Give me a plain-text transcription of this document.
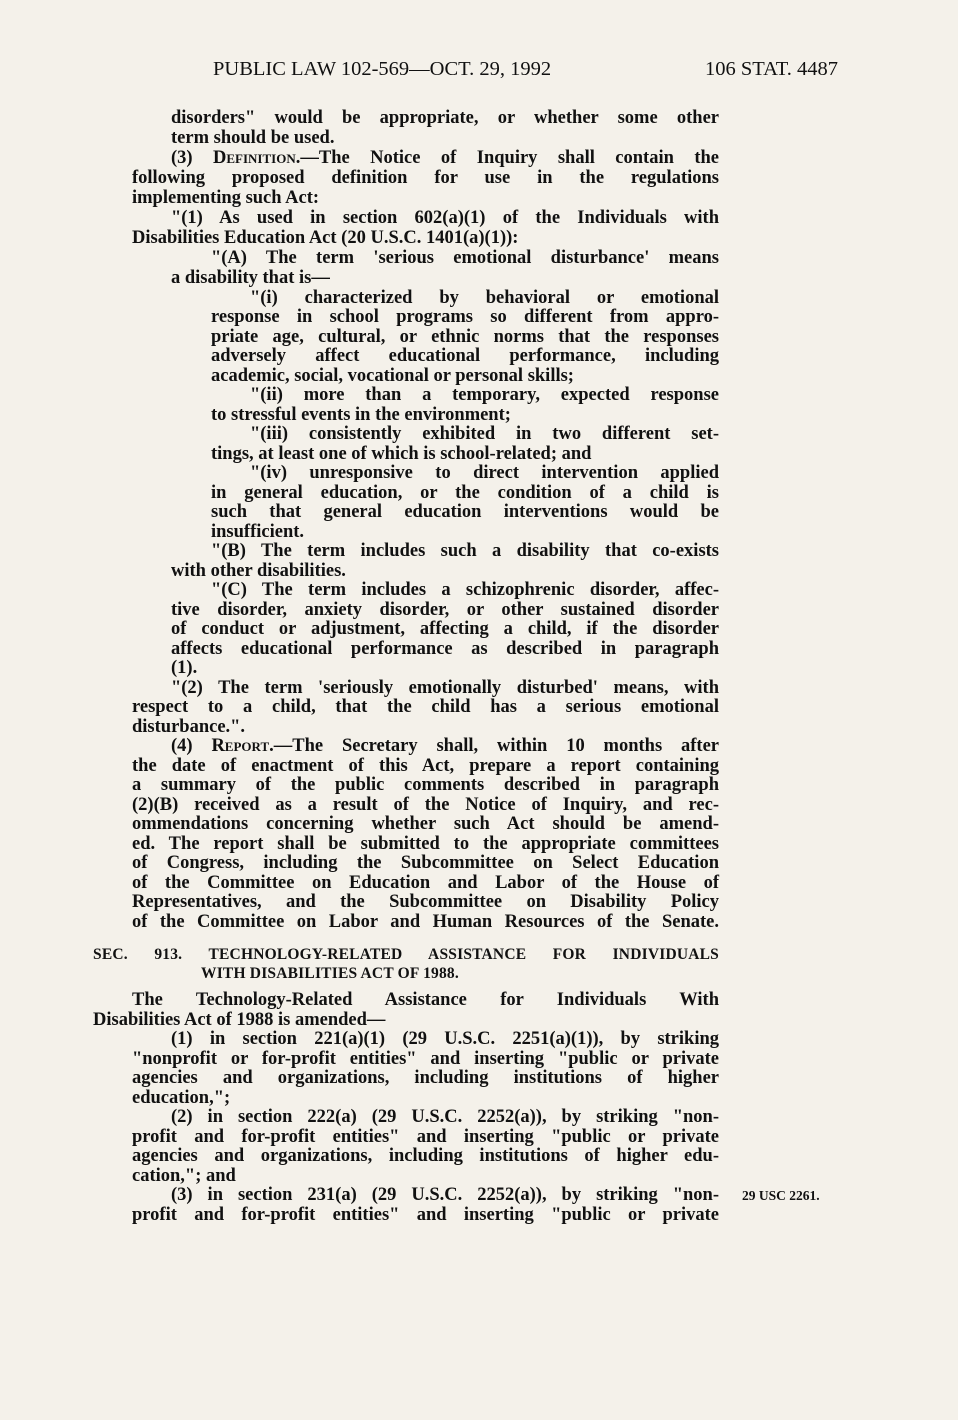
PUBLIC LAW 102-569—OCT. 29, 1992	106 STAT. 4487
disorders" would be appropriate, or whether some other
term should be used.
(3) Definition.—The Notice of Inquiry shall contain the
following proposed definition for use in the regulations
implementing such Act:
"(1) As used in section 602(a)(1) of the Individuals with
Disabilities Education Act (20 U.S.C. 1401(a)(1)):
"(A) The term 'serious emotional disturbance' means
a disability that is—
"(i) characterized by behavioral or emotional
response in school programs so different from appro-
priate age, cultural, or ethnic norms that the responses
adversely affect educational performance, including
academic, social, vocational or personal skills;
"(ii) more than a temporary, expected response
to stressful events in the environment;
"(iii) consistently exhibited in two different set-
tings, at least one of which is school-related; and
"(iv) unresponsive to direct intervention applied
in general education, or the condition of a child is
such that general education interventions would be
insufficient.
"(B) The term includes such a disability that co-exists
with other disabilities.
"(C) The term includes a schizophrenic disorder, affec-
tive disorder, anxiety disorder, or other sustained disorder
of conduct or adjustment, affecting a child, if the disorder
affects educational performance as described in paragraph
(1).
"(2) The term 'seriously emotionally disturbed' means, with
respect to a child, that the child has a serious emotional
disturbance.".
(4) Report.—The Secretary shall, within 10 months after
the date of enactment of this Act, prepare a report containing
a summary of the public comments described in paragraph
(2)(B) received as a result of the Notice of Inquiry, and rec-
ommendations concerning whether such Act should be amend-
ed. The report shall be submitted to the appropriate committees
of Congress, including the Subcommittee on Select Education
of the Committee on Education and Labor of the House of
Representatives, and the Subcommittee on Disability Policy
of the Committee on Labor and Human Resources of the Senate.
SEC. 913. TECHNOLOGY-RELATED ASSISTANCE FOR INDIVIDUALS
WITH DISABILITIES ACT OF 1988.
The Technology-Related Assistance for Individuals With
Disabilities Act of 1988 is amended—
(1) in section 221(a)(1) (29 U.S.C. 2251(a)(1)), by striking
"nonprofit or for-profit entities" and inserting "public or private
agencies and organizations, including institutions of higher
education,";
(2) in section 222(a) (29 U.S.C. 2252(a)), by striking "non-
profit and for-profit entities" and inserting "public or private
agencies and organizations, including institutions of higher edu-
cation,"; and
(3) in section 231(a) (29 U.S.C. 2252(a)), by striking "non-
profit and for-profit entities" and inserting "public or private
29 USC 2261.
